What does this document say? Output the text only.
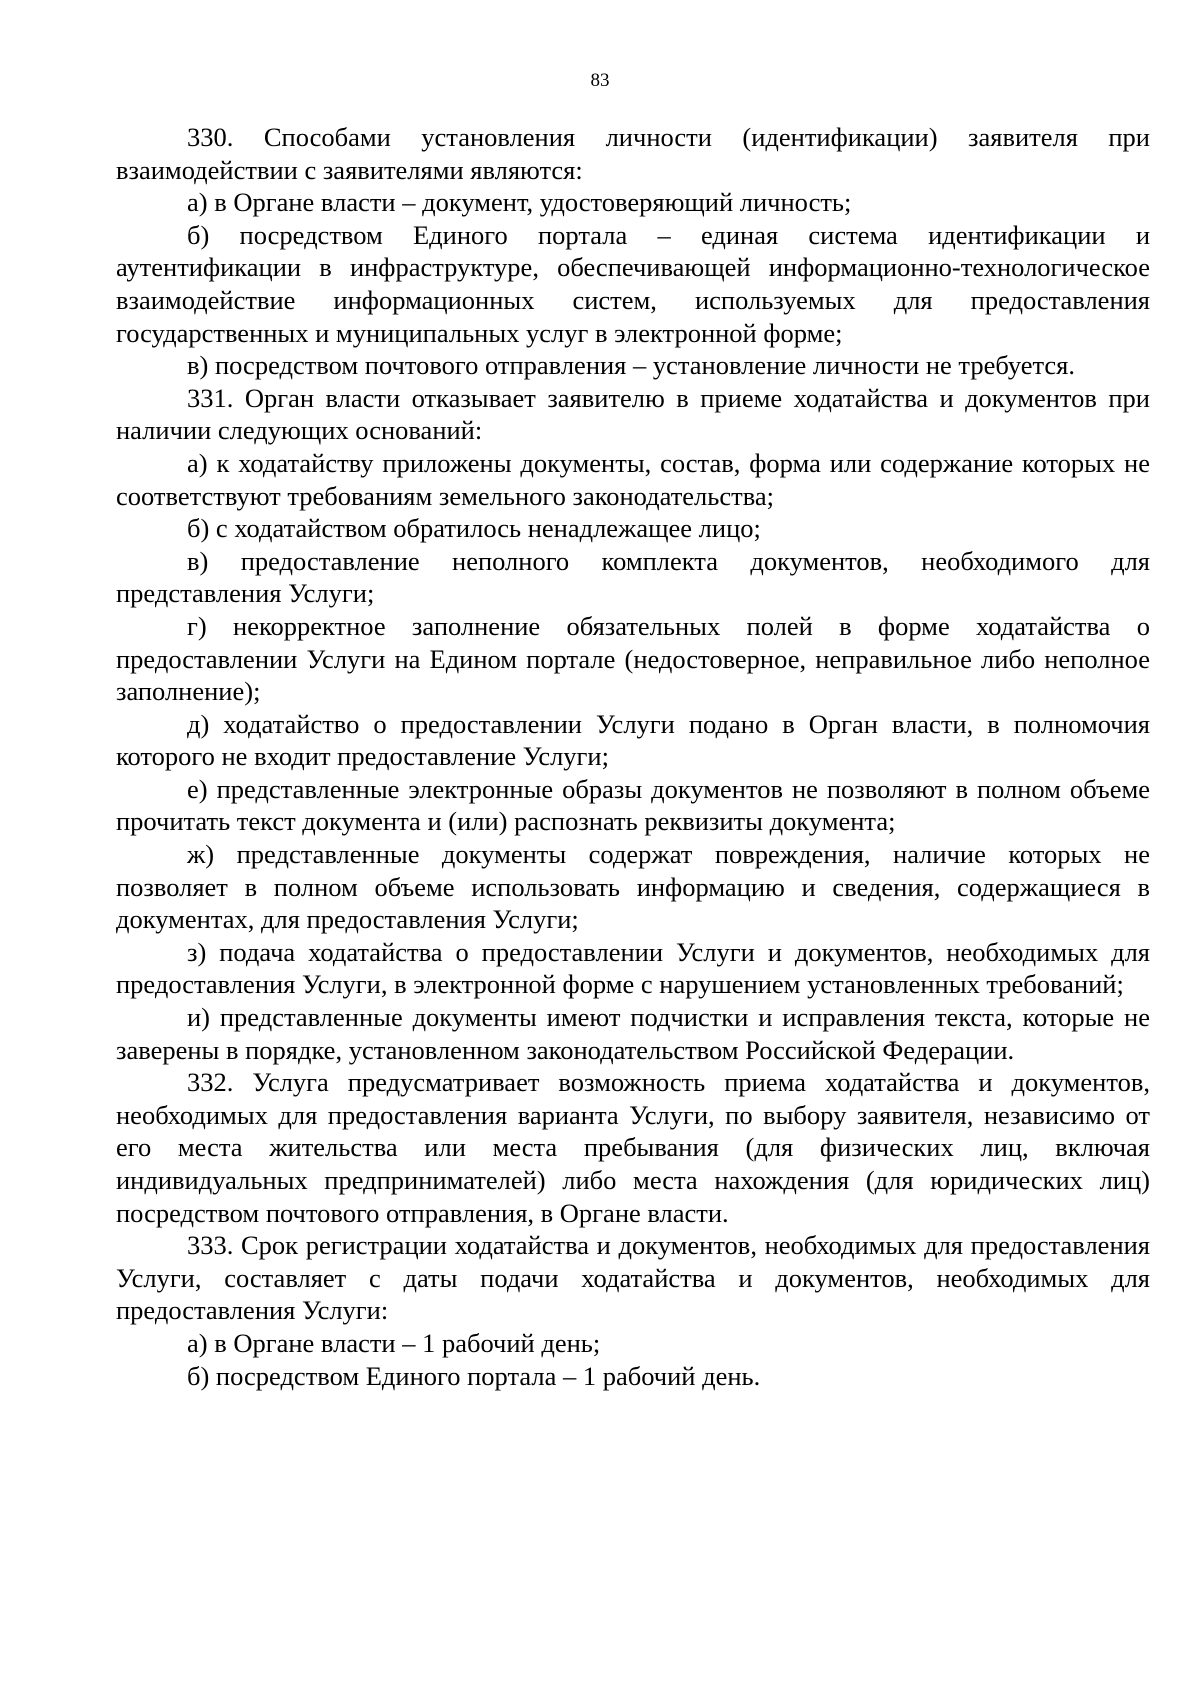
83

330. Способами установления личности (идентификации) заявителя при взаимодействии с заявителями являются:

а) в Органе власти – документ, удостоверяющий личность;

б) посредством Единого портала – единая система идентификации и аутентификации в инфраструктуре, обеспечивающей информационно-технологическое взаимодействие информационных систем, используемых для предоставления государственных и муниципальных услуг в электронной форме;

в) посредством почтового отправления – установление личности не требуется.

331. Орган власти отказывает заявителю в приеме ходатайства и документов при наличии следующих оснований:

а) к ходатайству приложены документы, состав, форма или содержание которых не соответствуют требованиям земельного законодательства;

б) с ходатайством обратилось ненадлежащее лицо;

в) предоставление неполного комплекта документов, необходимого для представления Услуги;

г) некорректное заполнение обязательных полей в форме ходатайства о предоставлении Услуги на Едином портале (недостоверное, неправильное либо неполное заполнение);

д) ходатайство о предоставлении Услуги подано в Орган власти, в полномочия которого не входит предоставление Услуги;

е) представленные электронные образы документов не позволяют в полном объеме прочитать текст документа и (или) распознать реквизиты документа;

ж) представленные документы содержат повреждения, наличие которых не позволяет в полном объеме использовать информацию и сведения, содержащиеся в документах, для предоставления Услуги;

з) подача ходатайства о предоставлении Услуги и документов, необходимых для предоставления Услуги, в электронной форме с нарушением установленных требований;

и) представленные документы имеют подчистки и исправления текста, которые не заверены в порядке, установленном законодательством Российской Федерации.

332. Услуга предусматривает возможность приема ходатайства и документов, необходимых для предоставления варианта Услуги, по выбору заявителя, независимо от его места жительства или места пребывания (для физических лиц, включая индивидуальных предпринимателей) либо места нахождения (для юридических лиц) посредством почтового отправления, в Органе власти.

333. Срок регистрации ходатайства и документов, необходимых для предоставления Услуги, составляет с даты подачи ходатайства и документов, необходимых для предоставления Услуги:

а) в Органе власти – 1 рабочий день;

б) посредством Единого портала – 1 рабочий день.
